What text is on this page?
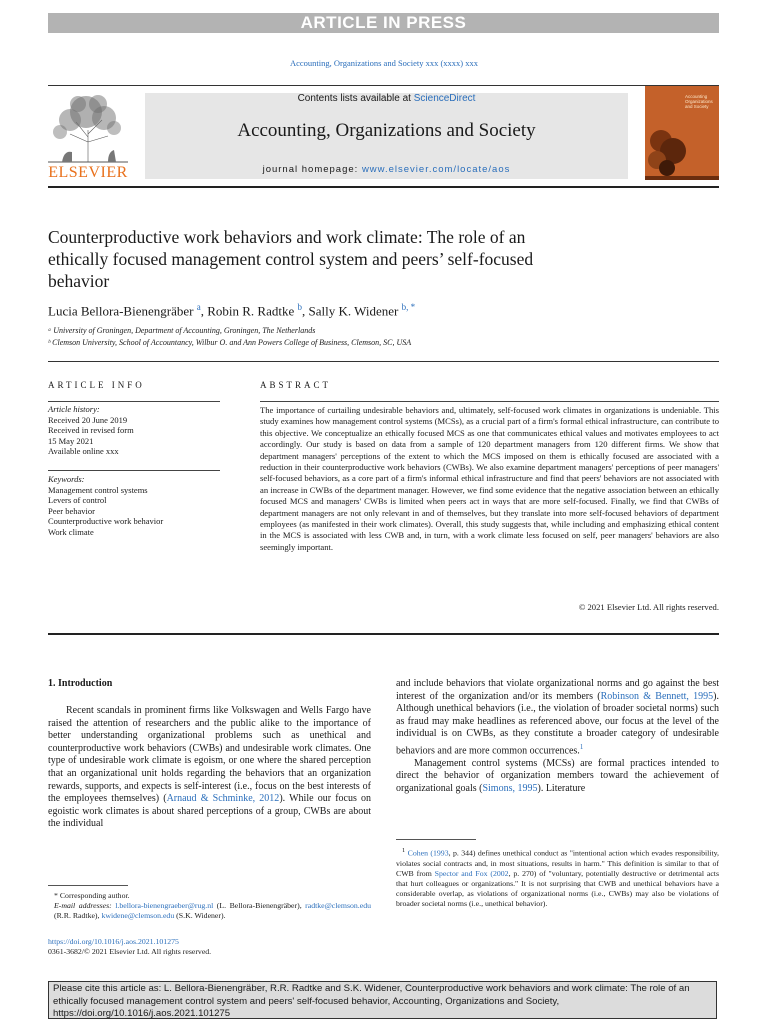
ARTICLE IN PRESS
Accounting, Organizations and Society xxx (xxxx) xxx
ELSEVIER
Contents lists available at ScienceDirect
Accounting, Organizations and Society
journal homepage: www.elsevier.com/locate/aos
Accounting Organizations and Society
Counterproductive work behaviors and work climate: The role of an
ethically focused management control system and peers’ self-focused
behavior
Lucia Bellora-Bienengräber $^a$, Robin R. Radtke $^b$, Sally K. Widener $^{b, *}$
ᵃ University of Groningen, Department of Accounting, Groningen, The Netherlands
ᵇ Clemson University, School of Accountancy, Wilbur O. and Ann Powers College of Business, Clemson, SC, USA
ARTICLE INFO
Article history:
Received 20 June 2019
Received in revised form
15 May 2021
Available online xxx
Keywords:
Management control systems
Levers of control
Peer behavior
Counterproductive work behavior
Work climate
ABSTRACT
The importance of curtailing undesirable behaviors and, ultimately, self-focused work climates in organizations is undeniable. This study examines how management control systems (MCSs), as a crucial part of a firm's formal ethical infrastructure, can contribute to this objective. We conceptualize an ethically focused MCS as one that communicates ethical values and motivates employees to act accordingly. Our study is based on data from a sample of 120 department managers from 120 different firms. We show that department managers' perceptions of the extent to which the MCS imposed on them is ethically focused are associated with a reduction in their counterproductive work behaviors (CWBs). We also examine department managers' perceptions of peer managers' self-focused behaviors, as a core part of a firm's informal ethical infrastructure and find that peers' behaviors are not associated with an increase in CWBs of the department manager. However, we find some evidence that the negative association between an ethically focused MCS and managers' CWBs is limited when peers act in ways that are more self-focused. Finally, we find that CWBs of department managers are not only relevant in and of themselves, but they translate into more self-focused behaviors of department employees (as manifested in their work climates). Overall, this study suggests that, while including and emphasizing ethical content in the MCS is associated with less CWB and, in turn, with a work climate less focused on self, peer managers' behaviors are also seemingly important.
© 2021 Elsevier Ltd. All rights reserved.
1. Introduction
Recent scandals in prominent firms like Volkswagen and Wells Fargo have raised the attention of researchers and the public alike to the importance of better understanding organizational problems such as unethical and counterproductive work behaviors (CWBs) and undesirable work climates. One type of undesirable work climate is egoism, or one where the shared perception that an organizational unit holds regarding the behaviors that an organization rewards, supports, and expects is self-interest (i.e., focus on the best interests of the employees themselves) (Arnaud & Schminke, 2012). While our focus on egoistic work climates is about shared perceptions of a group, CWBs are about the individual
and include behaviors that violate organizational norms and go against the best interest of the organization and/or its members (Robinson & Bennett, 1995). Although unethical behaviors (i.e., the violation of broader societal norms) such as fraud may make headlines as referenced above, our focus at the level of the individual is on CWBs, as they constitute a broader category of undesirable behaviors and are more common occurrences.$^1$
Management control systems (MCSs) are formal practices intended to direct the behavior of organization members toward the achievement of organizational goals (Simons, 1995). Literature
$^1$ Cohen (1993, p. 344) defines unethical conduct as "intentional action which evades responsibility, violates social contracts and, in most situations, results in harm." This definition is similar to that of CWB from Spector and Fox (2002, p. 270) of "voluntary, potentially destructive or detrimental acts that hurt colleagues or organizations." It is not surprising that CWB and unethical behaviors have a considerable overlap, as violations of organizational norms (i.e., CWBs) may also be violations of broader societal norms (i.e., unethical behavior).
* Corresponding author.
E-mail addresses: l.bellora-bienengraeber@rug.nl (L. Bellora-Bienengräber), radtke@clemson.edu (R.R. Radtke), kwidene@clemson.edu (S.K. Widener).
https://doi.org/10.1016/j.aos.2021.101275
0361-3682/© 2021 Elsevier Ltd. All rights reserved.
Please cite this article as: L. Bellora-Bienengräber, R.R. Radtke and S.K. Widener, Counterproductive work behaviors and work climate: The role of an ethically focused management control system and peers' self-focused behavior, Accounting, Organizations and Society, https://doi.org/10.1016/j.aos.2021.101275
